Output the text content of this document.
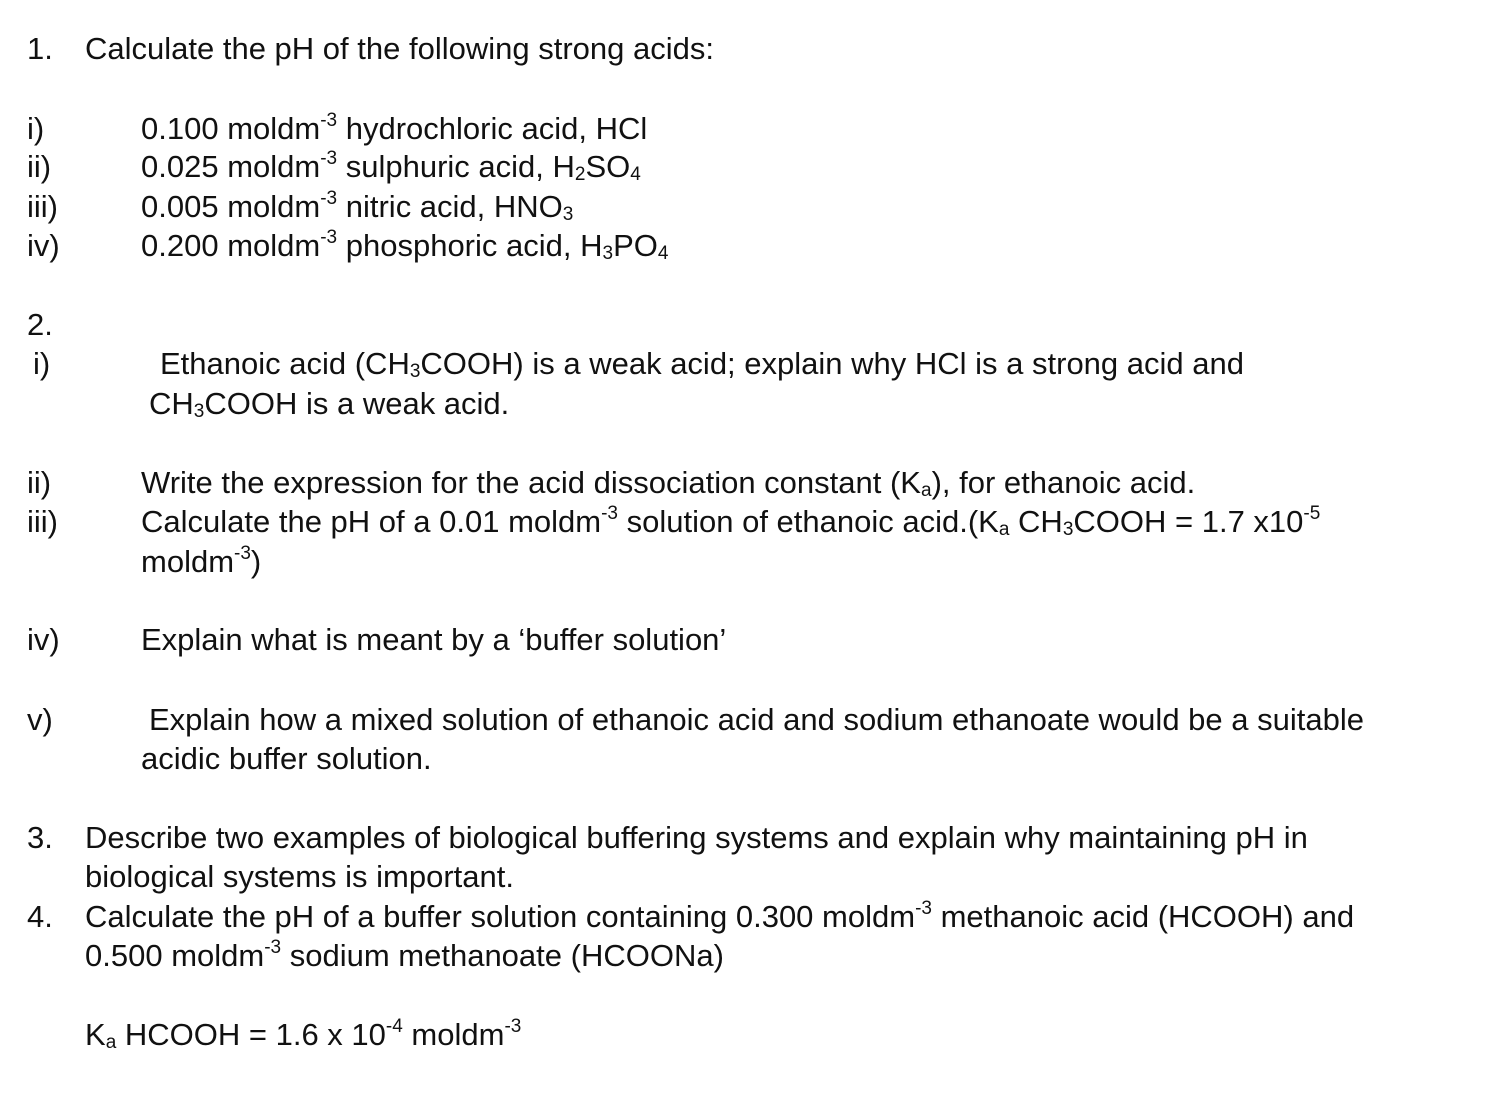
1. Calculate the pH of the following strong acids:
i)	0.100 moldm$^{-3}$ hydrochloric acid, HCl
ii)	0.025 moldm$^{-3}$ sulphuric acid, $H_2SO_4$
iii)	0.005 moldm$^{-3}$ nitric acid, $HNO_3$
iv)	0.200 moldm$^{-3}$ phosphoric acid, $H_3PO_4$
2.
i)	Ethanoic acid $(CH_3COOH)$ is a weak acid; explain why HCl is a strong acid and
$CH_3COOH$ is a weak acid.
ii)	Write the expression for the acid dissociation constant $(K_a)$, for ethanoic acid.
iii)	Calculate the pH of a 0.01 moldm$^{-3}$ solution of ethanoic $acid.(K_a$ $CH_3COOH = 1.7$ $x10^{-5}$
moldm$^{-3}$)
iv)	Explain what is meant by a ‘buffer solution’
v)	Explain how a mixed solution of ethanoic acid and sodium ethanoate would be a suitable
acidic buffer solution.
3. Describe two examples of biological buffering systems and explain why maintaining pH in
biological systems is important.
4. Calculate the pH of a buffer solution containing 0.300 moldm$^{-3}$ methanoic acid (HCOOH) and
0.500 moldm$^{-3}$ sodium methanoate (HCOONa)
$K_a$ HCOOH = 1.6 x $10^{-4}$ moldm$^{-3}$
